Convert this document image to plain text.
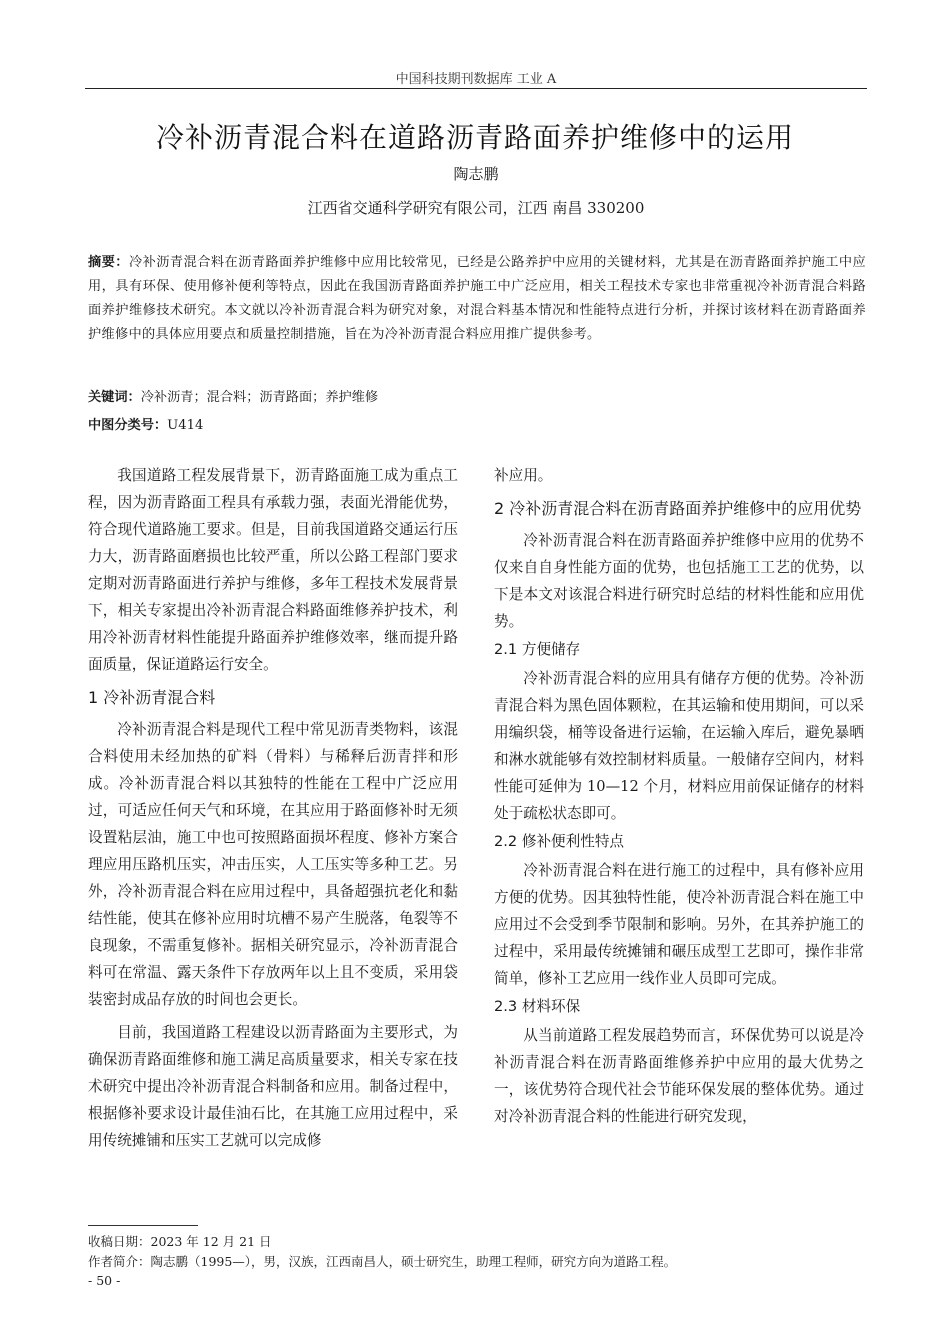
中国科技期刊数据库 工业 A
冷补沥青混合料在道路沥青路面养护维修中的运用
陶志鹏
江西省交通科学研究有限公司，江西 南昌 330200
摘要：冷补沥青混合料在沥青路面养护维修中应用比较常见，已经是公路养护中应用的关键材料，尤其是在沥青路面养护施工中应用，具有环保、使用修补便利等特点，因此在我国沥青路面养护施工中广泛应用，相关工程技术专家也非常重视冷补沥青混合料路面养护维修技术研究。本文就以冷补沥青混合料为研究对象，对混合料基本情况和性能特点进行分析，并探讨该材料在沥青路面养护维修中的具体应用要点和质量控制措施，旨在为冷补沥青混合料应用推广提供参考。
关键词：冷补沥青；混合料；沥青路面；养护维修
中图分类号：U414

我国道路工程发展背景下，沥青路面施工成为重点工程，因为沥青路面工程具有承载力强，表面光滑能优势，符合现代道路施工要求。但是，目前我国道路交通运行压力大，沥青路面磨损也比较严重，所以公路工程部门要求定期对沥青路面进行养护与维修，多年工程技术发展背景下，相关专家提出冷补沥青混合料路面维修养护技术，利用冷补沥青材料性能提升路面养护维修效率，继而提升路面质量，保证道路运行安全。

1 冷补沥青混合料

冷补沥青混合料是现代工程中常见沥青类物料，该混合料使用未经加热的矿料（骨料）与稀释后沥青拌和形成。冷补沥青混合料以其独特的性能在工程中广泛应用过，可适应任何天气和环境，在其应用于路面修补时无须设置粘层油，施工中也可按照路面损坏程度、修补方案合理应用压路机压实，冲击压实，人工压实等多种工艺。另外，冷补沥青混合料在应用过程中，具备超强抗老化和黏结性能，使其在修补应用时坑槽不易产生脱落，龟裂等不良现象，不需重复修补。据相关研究显示，冷补沥青混合料可在常温、露天条件下存放两年以上且不变质，采用袋装密封成品存放的时间也会更长。

目前，我国道路工程建设以沥青路面为主要形式，为确保沥青路面维修和施工满足高质量要求，相关专家在技术研究中提出冷补沥青混合料制备和应用。制备过程中，根据修补要求设计最佳油石比，在其施工应用过程中，采用传统摊铺和压实工艺就可以完成修

补应用。

2 冷补沥青混合料在沥青路面养护维修中的应用优势

冷补沥青混合料在沥青路面养护维修中应用的优势不仅来自自身性能方面的优势，也包括施工工艺的优势，以下是本文对该混合料进行研究时总结的材料性能和应用优势。

2.1 方便储存

冷补沥青混合料的应用具有储存方便的优势。冷补沥青混合料为黑色固体颗粒，在其运输和使用期间，可以采用编织袋，桶等设备进行运输，在运输入库后，避免暴晒和淋水就能够有效控制材料质量。一般储存空间内，材料性能可延伸为 10—12 个月，材料应用前保证储存的材料处于疏松状态即可。

2.2 修补便利性特点

冷补沥青混合料在进行施工的过程中，具有修补应用方便的优势。因其独特性能，使冷补沥青混合料在施工中应用过不会受到季节限制和影响。另外，在其养护施工的过程中，采用最传统摊铺和碾压成型工艺即可，操作非常简单，修补工艺应用一线作业人员即可完成。

2.3 材料环保

从当前道路工程发展趋势而言，环保优势可以说是冷补沥青混合料在沥青路面维修养护中应用的最大优势之一，该优势符合现代社会节能环保发展的整体优势。通过对冷补沥青混合料的性能进行研究发现，

收稿日期：2023 年 12 月 21 日
作者简介：陶志鹏（1995—），男，汉族，江西南昌人，硕士研究生，助理工程师，研究方向为道路工程。
- 50 -
